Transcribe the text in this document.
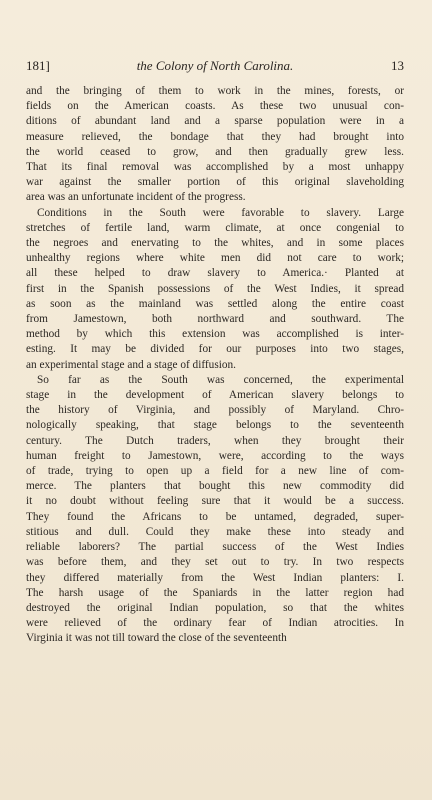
181]	the Colony of North Carolina.	13

and the bringing of them to work in the mines, forests, or

fields on the American coasts. As these two unusual con-

ditions of abundant land and a sparse population were in a

measure relieved, the bondage that they had brought into

the world ceased to grow, and then gradually grew less.

That its final removal was accomplished by a most unhappy

war against the smaller portion of this original slaveholding

area was an unfortunate incident of the progress.

Conditions in the South were favorable to slavery. Large

stretches of fertile land, warm climate, at once congenial to

the negroes and enervating to the whites, and in some places

unhealthy regions where white men did not care to work;

all these helped to draw slavery to America.· Planted at

first in the Spanish possessions of the West Indies, it spread

as soon as the mainland was settled along the entire coast

from Jamestown, both northward and southward. The

method by which this extension was accomplished is inter-

esting. It may be divided for our purposes into two stages,

an experimental stage and a stage of diffusion.

So far as the South was concerned, the experimental

stage in the development of American slavery belongs to

the history of Virginia, and possibly of Maryland. Chro-

nologically speaking, that stage belongs to the seventeenth

century. The Dutch traders, when they brought their

human freight to Jamestown, were, according to the ways

of trade, trying to open up a field for a new line of com-

merce. The planters that bought this new commodity did

it no doubt without feeling sure that it would be a success.

They found the Africans to be untamed, degraded, super-

stitious and dull. Could they make these into steady and

reliable laborers? The partial success of the West Indies

was before them, and they set out to try. In two respects

they differed materially from the West Indian planters: I.

The harsh usage of the Spaniards in the latter region had

destroyed the original Indian population, so that the whites

were relieved of the ordinary fear of Indian atrocities. In

Virginia it was not till toward the close of the seventeenth
